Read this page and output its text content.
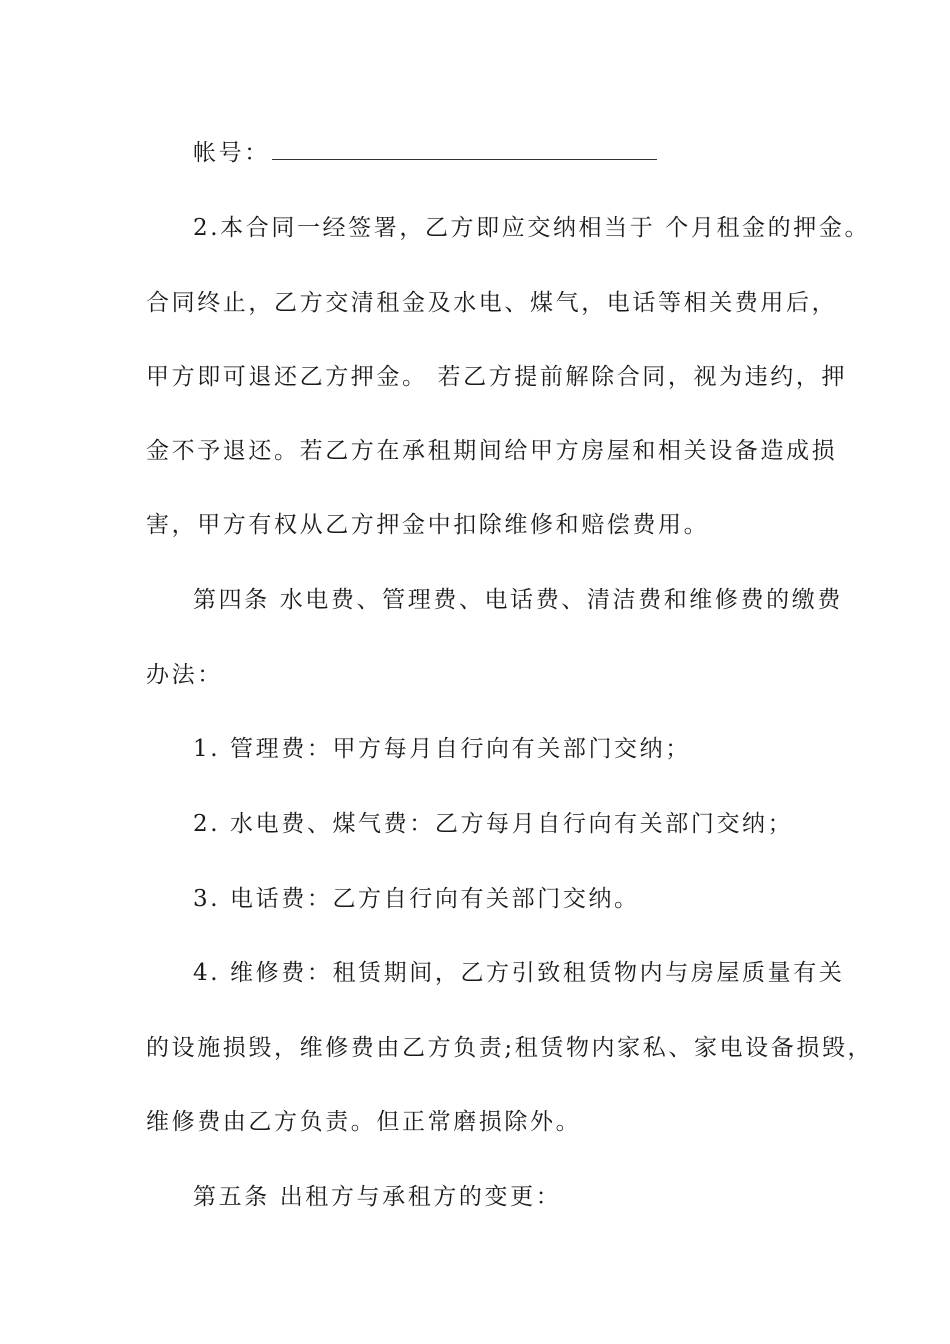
帐号：
2.本合同一经签署，乙方即应交纳相当于 个月租金的押金。
合同终止，乙方交清租金及水电、煤气，电话等相关费用后，
甲方即可退还乙方押金。 若乙方提前解除合同，视为违约，押
金不予退还。若乙方在承租期间给甲方房屋和相关设备造成损
害，甲方有权从乙方押金中扣除维修和赔偿费用。
第四条 水电费、管理费、电话费、清洁费和维修费的缴费
办法：
1. 管理费：甲方每月自行向有关部门交纳；
2. 水电费、煤气费：乙方每月自行向有关部门交纳；
3. 电话费：乙方自行向有关部门交纳。
4. 维修费：租赁期间，乙方引致租赁物内与房屋质量有关
的设施损毁，维修费由乙方负责;租赁物内家私、家电设备损毁，
维修费由乙方负责。但正常磨损除外。
第五条 出租方与承租方的变更：
